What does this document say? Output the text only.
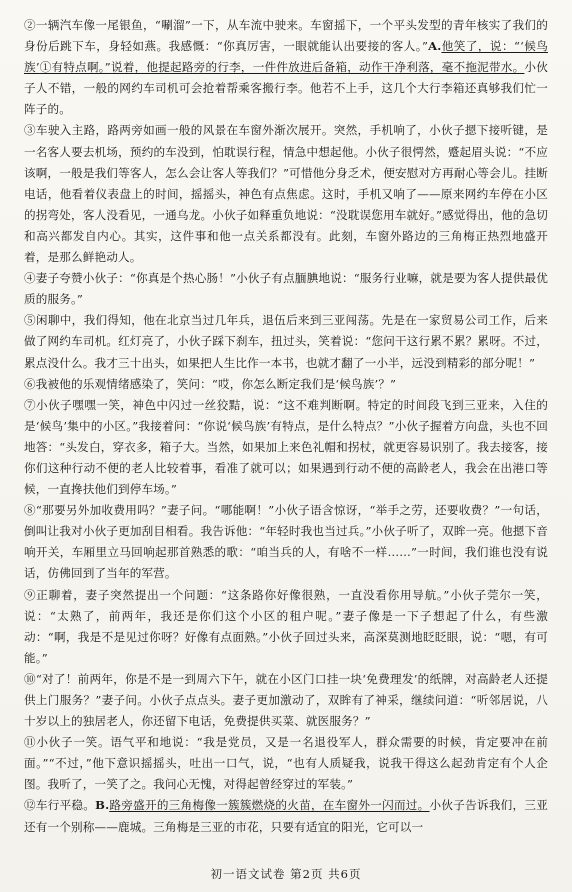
②一辆汽车像一尾银鱼，“唰溜”一下，从车流中驶来。车窗摇下，一个平头发型的青年核实了我们的身份后跳下车，身轻如燕。我感慨：“你真厉害，一眼就能认出要接的客人。”A.他笑了，说：“‘候鸟族’①有特点啊。”说着，他提起路旁的行李，一件件放进后备箱，动作干净利落，毫不拖泥带水。小伙子人不错，一般的网约车司机可会抢着帮乘客搬行李。他若不上手，这几个大行李箱还真够我们忙一阵子的。

③车驶入主路，路两旁如画一般的风景在车窗外渐次展开。突然，手机响了，小伙子摁下接听键，是一名客人要去机场，预约的车没到，怕耽误行程，情急中想起他。小伙子很愕然，蹙起眉头说：“不应该啊，一般是我们等客人，怎么会让客人等我们？”可惜他分身乏术，便安慰对方再耐心等会儿。挂断电话，他看着仪表盘上的时间，摇摇头，神色有点焦虑。这时，手机又响了——原来网约车停在小区的拐弯处，客人没看见，一通乌龙。小伙子如释重负地说：“没耽误您用车就好。”感觉得出，他的急切和高兴都发自内心。其实，这件事和他一点关系都没有。此刻，车窗外路边的三角梅正热烈地盛开着，是那么鲜艳动人。

④妻子夸赞小伙子：“你真是个热心肠！”小伙子有点腼腆地说：“服务行业嘛，就是要为客人提供最优质的服务。”

⑤闲聊中，我们得知，他在北京当过几年兵，退伍后来到三亚闯荡。先是在一家贸易公司工作，后来做了网约车司机。红灯亮了，小伙子踩下刹车，扭过头，笑着说：“您问干这行累不累？累呀。不过，累点没什么。我才三十出头，如果把人生比作一本书，也就才翻了一小半，远没到精彩的部分呢！”

⑥我被他的乐观情绪感染了，笑问：“哎，你怎么断定我们是‘候鸟族’？”

⑦小伙子嘿嘿一笑，神色中闪过一丝狡黠，说：“这不难判断啊。特定的时间段飞到三亚来，入住的是‘候鸟’集中的小区。”我接着问：“你说‘候鸟族’有特点，是什么特点？”小伙子握着方向盘，头也不回地答：“头发白，穿衣多，箱子大。当然，如果加上来色礼帽和拐杖，就更容易识别了。我去接客，接你们这种行动不便的老人比较着事，看准了就可以；如果遇到行动不便的高龄老人，我会在出港口等候，一直搀扶他们到停车场。”

⑧“那要另外加收费用吗？”妻子问。“哪能啊！”小伙子语含惊讶，“举手之劳，还要收费？”一句话，倒叫让我对小伙子更加刮目相看。我告诉他：“年轻时我也当过兵。”小伙子听了，双眸一亮。他摁下音响开关，车厢里立马回响起那首熟悉的歌：“咱当兵的人，有啥不一样……”一时间，我们谁也没有说话，仿佛回到了当年的军营。

⑨正聊着，妻子突然提出一个问题：“这条路你好像很熟，一直没看你用导航。”小伙子莞尔一笑，说：“太熟了，前两年，我还是你们这个小区的租户呢。”妻子像是一下子想起了什么，有些激动：“啊，我是不是见过你呀？好像有点面熟。”小伙子回过头来，高深莫测地眨眨眼，说：“嗯，有可能。”

⑩“对了！前两年，你是不是一到周六下午，就在小区门口挂一块‘免费理发’的纸牌，对高龄老人还提供上门服务？”妻子问。小伙子点点头。妻子更加激动了，双眸有了神采，继续问道：“听邻居说，八十岁以上的独居老人，你还留下电话，免费提供买菜、就医服务？”

⑪小伙子一笑。语气平和地说：“我是党员，又是一名退役军人，群众需要的时候，肯定要冲在前面。”“不过，”他下意识摇摇头，吐出一口气，说，“也有人质疑我，说我干得这么起劲肯定有个人企图。我听了，一笑了之。我问心无愧，对得起曾经穿过的军装。”

⑫车行平稳。B.路旁盛开的三角梅像一簇簇燃烧的火苗，在车窗外一闪而过。小伙子告诉我们，三亚还有一个别称——鹿城。三角梅是三亚的市花，只要有适宜的阳光，它可以一

初一语文试卷 第2页 共6页
